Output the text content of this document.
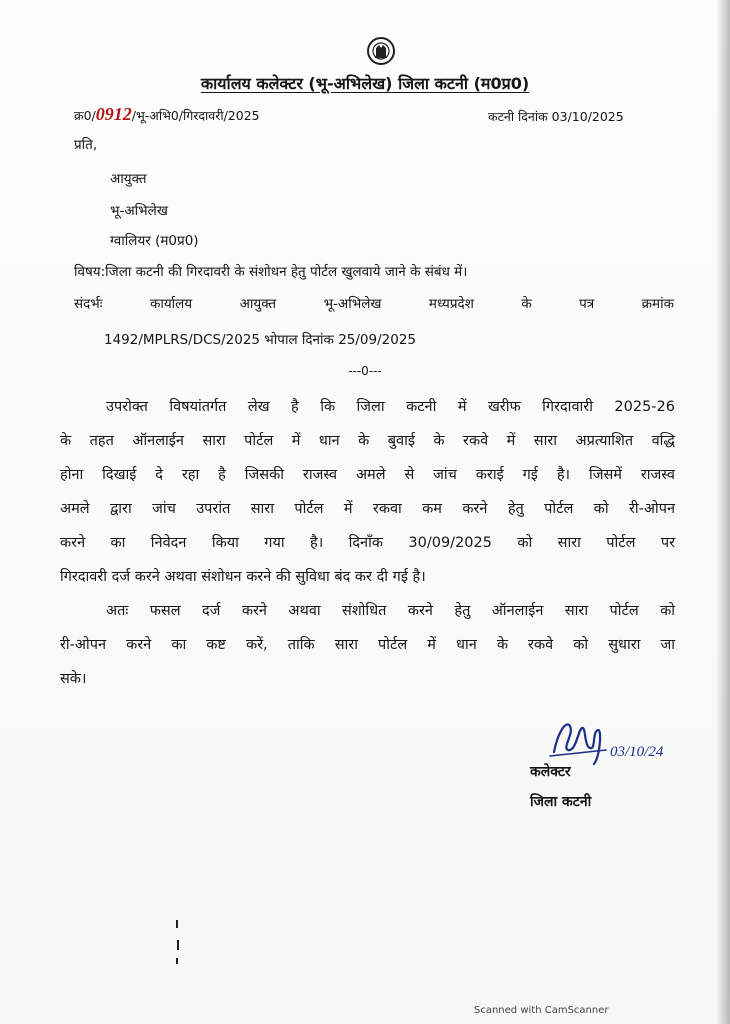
कार्यालय कलेक्टर (भू-अभिलेख) जिला कटनी (म0प्र0)
क्र0/0912/भू-अभि0/गिरदावरी/2025	कटनी दिनांक 03/10/2025
प्रति,
आयुक्त
भू-अभिलेख
ग्वालियर (म0प्र0)
विषय:जिला कटनी की गिरदावरी के संशोधन हेतु पोर्टल खुलवाये जाने के संबंध में।
संदर्भः कार्यालय आयुक्त भू-अभिलेख मध्यप्रदेश के पत्र क्रमांक
1492/MPLRS/DCS/2025 भोपाल दिनांक 25/09/2025
---0---
उपरोक्त विषयांतर्गत लेख है कि जिला कटनी में खरीफ गिरदावारी 2025-26
के तहत ऑनलाईन सारा पोर्टल में धान के बुवाई के रकवे में सारा अप्रत्याशित वद्धि
होना दिखाई दे रहा है जिसकी राजस्व अमले से जांच कराई गई है। जिसमें राजस्व
अमले द्वारा जांच उपरांत सारा पोर्टल में रकवा कम करने हेतु पोर्टल को री-ओपन
करने का निवेदन किया गया है। दिनाँक 30/09/2025 को सारा पोर्टल पर
गिरदावरी दर्ज करने अथवा संशोधन करने की सुविधा बंद कर दी गई है।
अतः फसल दर्ज करने अथवा संशोधित करने हेतु ऑनलाईन सारा पोर्टल को
री-ओपन करने का कष्ट करें, ताकि सारा पोर्टल में धान के रकवे को सुधारा जा
सके।
03/10/24
कलेक्टर
जिला कटनी
Scanned with CamScanner
